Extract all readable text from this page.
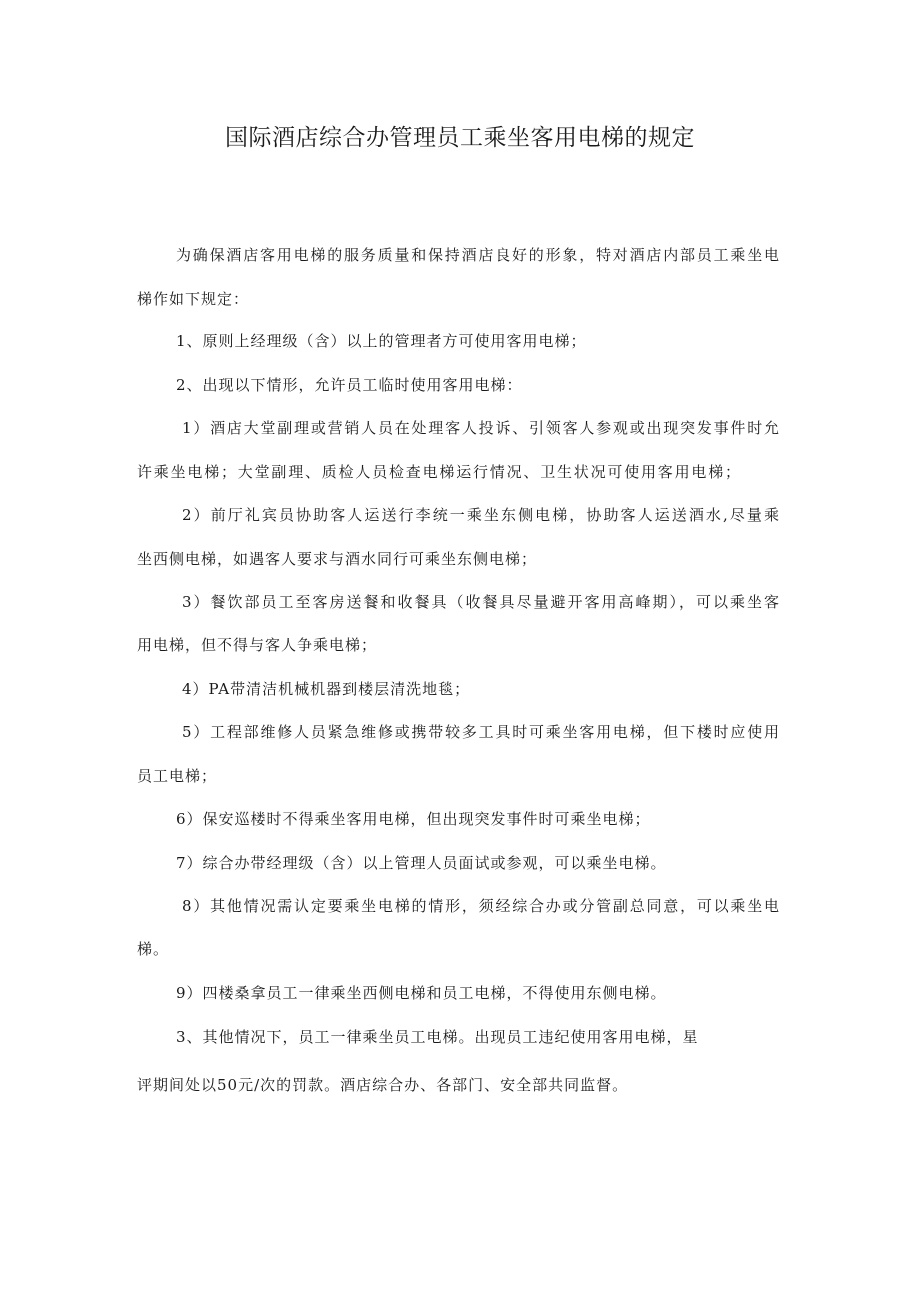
国际酒店综合办管理员工乘坐客用电梯的规定

为确保酒店客用电梯的服务质量和保持酒店良好的形象，特对酒店内部员工乘坐电

梯作如下规定：

1、原则上经理级（含）以上的管理者方可使用客用电梯；

2、出现以下情形，允许员工临时使用客用电梯：

1）酒店大堂副理或营销人员在处理客人投诉、引领客人参观或出现突发事件时允

许乘坐电梯；大堂副理、质检人员检查电梯运行情况、卫生状况可使用客用电梯；

2）前厅礼宾员协助客人运送行李统一乘坐东侧电梯，协助客人运送酒水,尽量乘

坐西侧电梯，如遇客人要求与酒水同行可乘坐东侧电梯；

3）餐饮部员工至客房送餐和收餐具（收餐具尽量避开客用高峰期），可以乘坐客

用电梯，但不得与客人争乘电梯；

4）PA带清洁机械机器到楼层清洗地毯；

5）工程部维修人员紧急维修或携带较多工具时可乘坐客用电梯，但下楼时应使用

员工电梯；

6）保安巡楼时不得乘坐客用电梯，但出现突发事件时可乘坐电梯；

7）综合办带经理级（含）以上管理人员面试或参观，可以乘坐电梯。

8）其他情况需认定要乘坐电梯的情形，须经综合办或分管副总同意，可以乘坐电

梯。

9）四楼桑拿员工一律乘坐西侧电梯和员工电梯，不得使用东侧电梯。

3、其他情况下，员工一律乘坐员工电梯。出现员工违纪使用客用电梯，星

评期间处以50元/次的罚款。酒店综合办、各部门、安全部共同监督。
